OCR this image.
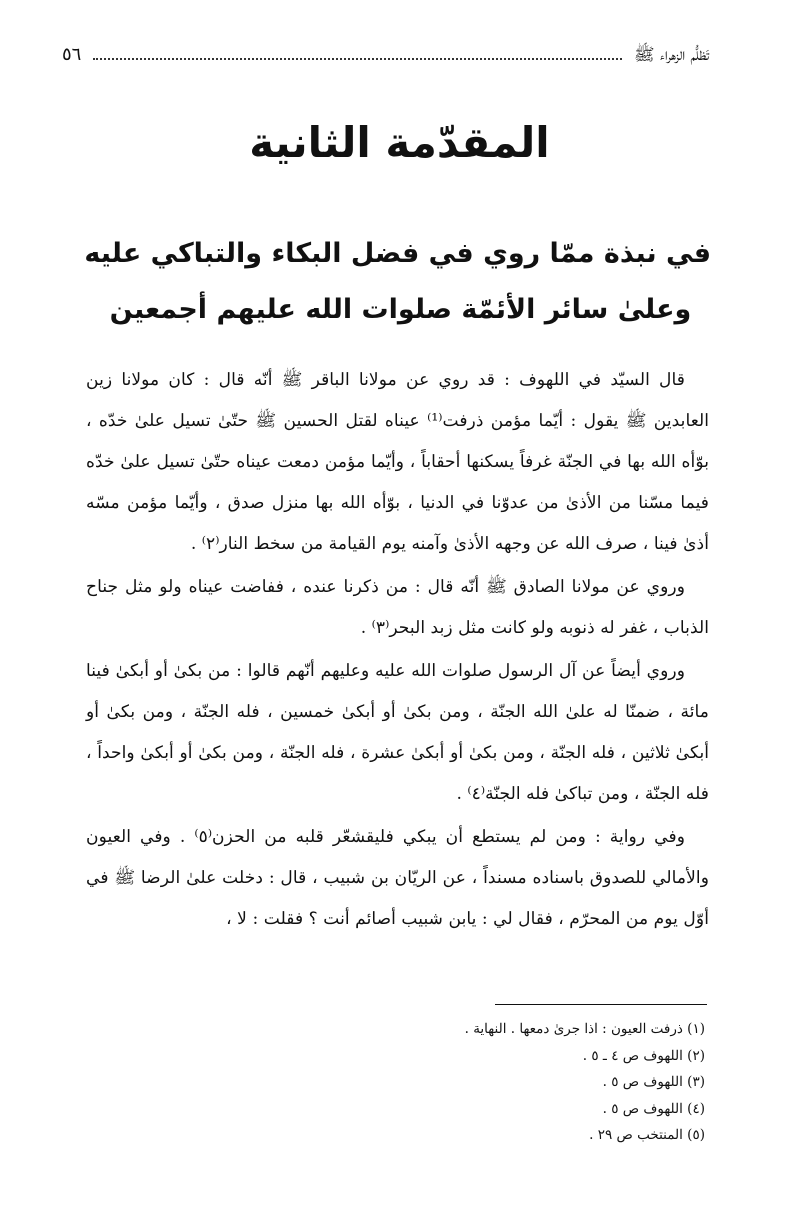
تَظلُّم الزهراء ﷺ
٥٦
المقدّمة الثانية
في نبذة ممّا روي في فضل البكاء والتباكي عليه
وعلىٰ سائر الأئمّة صلوات الله عليهم أجمعين

قال السيّد في اللهوف : قد روي عن مولانا الباقر ﷺ أنّه قال : كان مولانا زين العابدين ﷺ يقول : أيّما مؤمن ذرفت⁽¹⁾ عيناه لقتل الحسين ﷺ حتّىٰ تسيل علىٰ خدّه ، بوّأه الله بها في الجنّة غرفاً يسكنها أحقاباً ، وأيّما مؤمن دمعت عيناه حتّىٰ تسيل علىٰ خدّه فيما مسّنا من الأذىٰ من عدوّنا في الدنيا ، بوّأه الله بها منزل صدق ، وأيّما مؤمن مسّه أذىٰ فينا ، صرف الله عن وجهه الأذىٰ وآمنه يوم القيامة من سخط النار⁽٢⁾ .

وروي عن مولانا الصادق ﷺ أنّه قال : من ذكرنا عنده ، ففاضت عيناه ولو مثل جناح الذباب ، غفر له ذنوبه ولو كانت مثل زبد البحر⁽٣⁾ .

وروي أيضاً عن آل الرسول صلوات الله عليه وعليهم أنّهم قالوا : من بكىٰ أو أبكىٰ فينا مائة ، ضمنّا له علىٰ الله الجنّة ، ومن بكىٰ أو أبكىٰ خمسين ، فله الجنّة ، ومن بكىٰ أو أبكىٰ ثلاثين ، فله الجنّة ، ومن بكىٰ أو أبكىٰ عشرة ، فله الجنّة ، ومن بكىٰ أو أبكىٰ واحداً ، فله الجنّة ، ومن تباكىٰ فله الجنّة⁽٤⁾ .

وفي رواية : ومن لم يستطع أن يبكي فليقشعّر قلبه من الحزن⁽٥⁾ . وفي العيون والأمالي للصدوق باسناده مسنداً ، عن الريّان بن شبيب ، قال : دخلت علىٰ الرضا ﷺ في أوّل يوم من المحرّم ، فقال لي : يابن شبيب أصائم أنت ؟ فقلت : لا ،

(١) ذرفت العيون : اذا جرىٰ دمعها . النهاية .
(٢) اللهوف ص ٤ ـ ٥ .
(٣) اللهوف ص ٥ .
(٤) اللهوف ص ٥ .
(٥) المنتخب ص ٢٩ .
